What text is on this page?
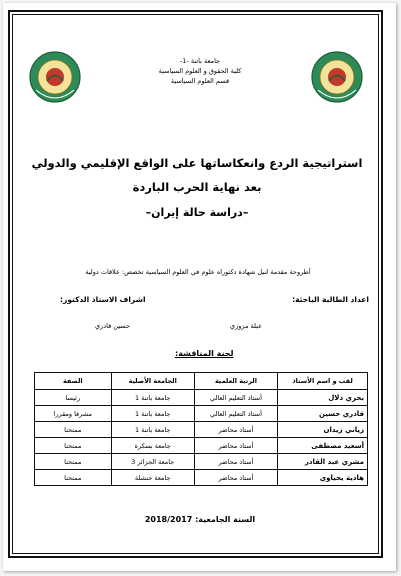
جامعة باتنة -1-
كلية الحقوق و العلوم السياسية
قسم العلوم السياسية
استراتيجية الردع وانعكاساتها على الواقع الإقليمي والدولي
بعد نهاية الحرب الباردة
–دراسة حالة إيران–
أطروحة مقدمة لنيل شهادة دكتوراه علوم في العلوم السياسية تخصص: علاقات دولية
اعداد الطالبة الباحثة:
اشراف الاستاذ الدكتور:
عبلة مزوزي
حسين قادري
لجنة المناقشة:
لقب و اسم الأستاذ	الرتبة العلمية	الجامعة الأصلية	الصفة
بحري دلال	أستاذ التعليم العالي	جامعة باتنة 1	رئيسا
قادري حسين	أستاذ التعليم العالي	جامعة باتنة 1	مشرفا ومقررا
زياني زيدان	أستاذ محاضر	جامعة باتنة 1	ممتحنا
أسعيد مصطفى	أستاذ محاضر	جامعة بسكرة	ممتحنا
مشري عبد القادر	أستاذ محاضر	جامعة الجزائر 3	ممتحنا
هادية يحياوي	أستاذ محاضر	جامعة خنشلة	ممتحنا
السنة الجامعية: 2018/2017
